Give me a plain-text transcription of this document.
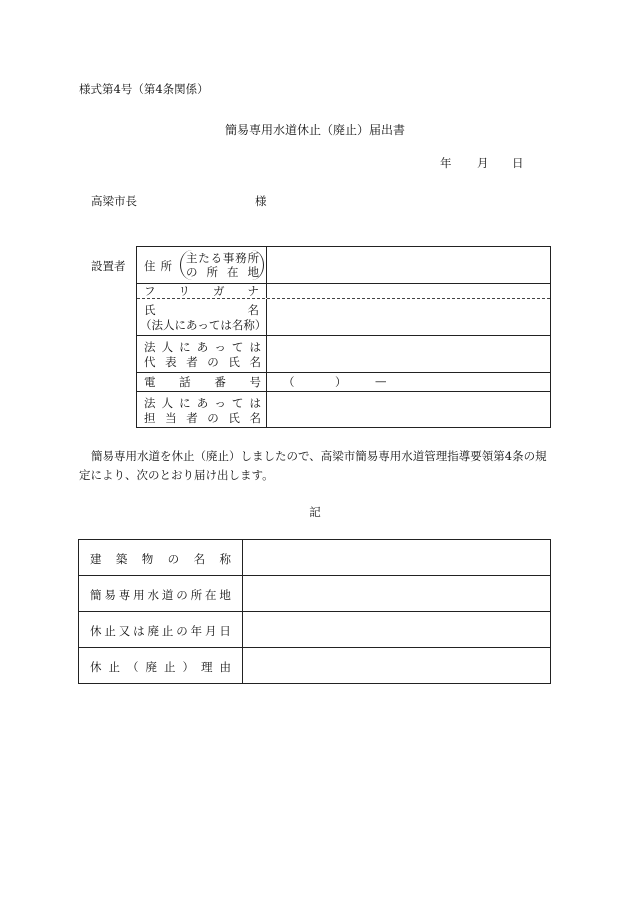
様式第4号（第4条関係）
簡易専用水道休止（廃止）届出書
年 月 日
高梁市長	様
設置者 住 所
主 た る 事 務 所
の 所 在 地
フ リ ガ ナ
氏	名
（法人にあっては名称）
法 人 に あ っ て は
代 表 者 の 氏 名
電 話 番 号 （	） —
法 人 に あ っ て は
担 当 者 の 氏 名
簡易専用水道を休止（廃止）しましたので、高梁市簡易専用水道管理指導要領第4条の規
定により、次のとおり届け出します。
記
建 築 物 の 名 称
簡 易 専 用 水 道 の 所 在 地
休 止 又 は 廃 止 の 年 月 日
休 止 （ 廃 止 ） 理 由
